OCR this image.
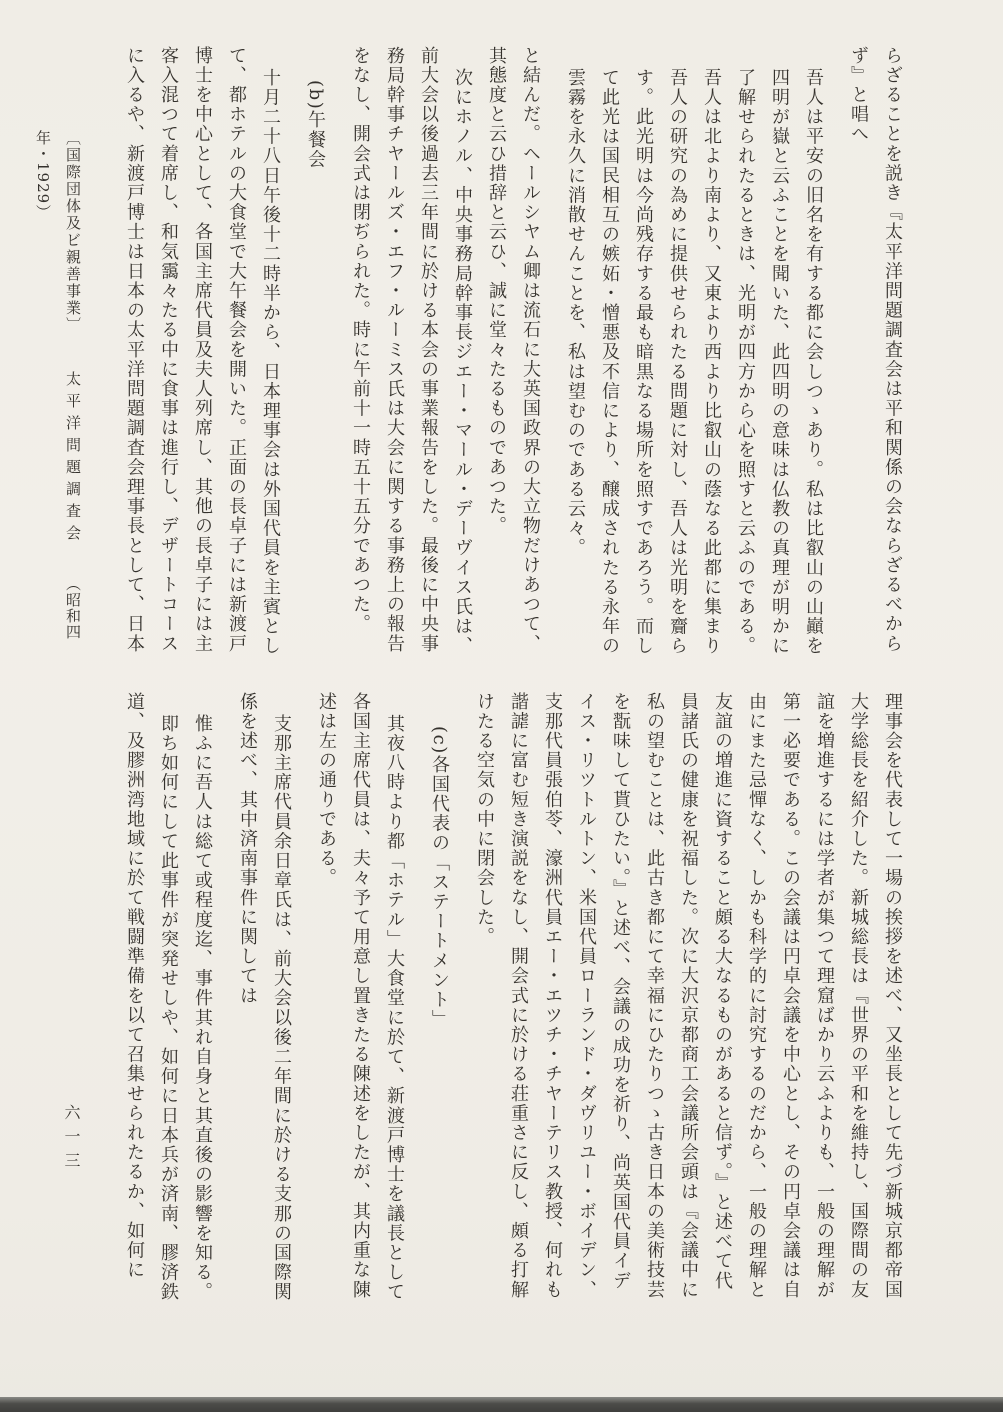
らざることを説き『太平洋問題調査会は平和関係の会ならざるべから

ず』と唱へ

吾人は平安の旧名を有する都に会しつゝあり。私は比叡山の山巓を

四明が嶽と云ふことを聞いた、此四明の意味は仏教の真理が明かに

了解せられたるときは、光明が四方から心を照すと云ふのである。

吾人は北より南より、又東より西より比叡山の蔭なる此都に集まり

吾人の研究の為めに提供せられたる問題に対し、吾人は光明を齎ら

す。此光明は今尚残存する最も暗黒なる場所を照すであろう。而し

て此光は国民相互の嫉妬・憎悪及不信により、醸成されたる永年の

雲霧を永久に消散せんことを、私は望むのである云々。

と結んだ。ヘールシヤム卿は流石に大英国政界の大立物だけあつて、

其態度と云ひ措辞と云ひ、誠に堂々たるものであつた。

次にホノル、中央事務局幹事長ジエー・マール・デーヴイス氏は、

前大会以後過去三年間に於ける本会の事業報告をした。最後に中央事

務局幹事チヤールズ・エフ・ルーミス氏は大会に関する事務上の報告

をなし、開会式は閉ぢられた。時に午前十一時五十五分であつた。

(b)午餐会

十月二十八日午後十二時半から、日本理事会は外国代員を主賓とし

て、都ホテルの大食堂で大午餐会を開いた。正面の長卓子には新渡戸

博士を中心として、各国主席代員及夫人列席し、其他の長卓子には主

客入混つて着席し、和気靄々たる中に食事は進行し、デザートコース

に入るや、新渡戸博士は日本の太平洋問題調査会理事長として、日本

理事会を代表して一場の挨拶を述べ、又坐長として先づ新城京都帝国

大学総長を紹介した。新城総長は『世界の平和を維持し、国際間の友

誼を増進するには学者が集つて理窟ばかり云ふよりも、一般の理解が

第一必要である。この会議は円卓会議を中心とし、その円卓会議は自

由にまた忌憚なく、しかも科学的に討究するのだから、一般の理解と

友誼の増進に資すること頗る大なるものがあると信ず。』と述べて代

員諸氏の健康を祝福した。次に大沢京都商工会議所会頭は『会議中に

私の望むことは、此古き都にて幸福にひたりつゝ古き日本の美術技芸

を翫味して貰ひたい。』と述べ、会議の成功を祈り、尚英国代員イデ

イス・リツトルトン、米国代員ローランド・ダヴリユー・ボイデン、

支那代員張伯苓、濠洲代員エー・エツチ・チヤーテリス教授、何れも

諧謔に富む短き演説をなし、開会式に於ける荘重さに反し、頗る打解

けたる空気の中に閉会した。

(c)各国代表の「ステートメント」

其夜八時より都「ホテル」大食堂に於て、新渡戸博士を議長として

各国主席代員は、夫々予て用意し置きたる陳述をしたが、其内重な陳

述は左の通りである。

支那主席代員余日章氏は、前大会以後二年間に於ける支那の国際関

係を述べ、其中済南事件に関しては

惟ふに吾人は総て或程度迄、事件其れ自身と其直後の影響を知る。

即ち如何にして此事件が突発せしや、如何に日本兵が済南、膠済鉄

道、及膠洲湾地域に於て戦闘準備を以て召集せられたるか、如何に

〔国際団体及ビ親善事業〕 太平洋問題調査会 （昭和四年・1929）
六一三
